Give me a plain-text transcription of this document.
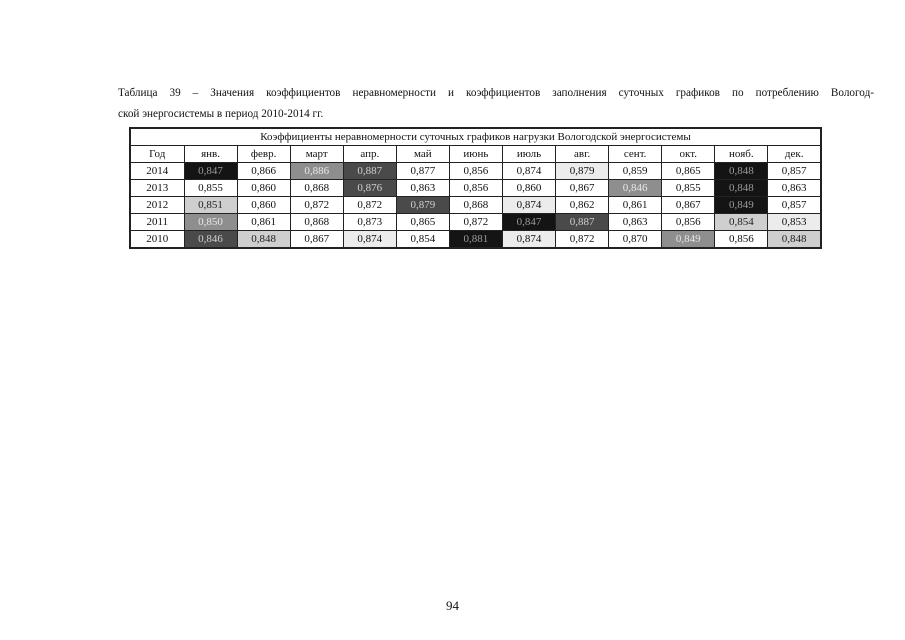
Таблица 39 – Значения коэффициентов неравномерности и коэффициентов заполнения суточных графиков по потреблению Вологод-
ской энергосистемы в период 2010-2014 гг.
Коэффициенты неравномерности суточных графиков нагрузки Вологодской энергосистемы												
Год	янв.	февр.	март	апр.	май	июнь	июль	авг.	сент.	окт.	нояб.	дек.
2014	0,847	0,866	0,886	0,887	0,877	0,856	0,874	0,879	0,859	0,865	0,848	0,857
2013	0,855	0,860	0,868	0,876	0,863	0,856	0,860	0,867	0,846	0,855	0,848	0,863
2012	0,851	0,860	0,872	0,872	0,879	0,868	0,874	0,862	0,861	0,867	0,849	0,857
2011	0,850	0,861	0,868	0,873	0,865	0,872	0,847	0,887	0,863	0,856	0,854	0,853
2010	0,846	0,848	0,867	0,874	0,854	0,881	0,874	0,872	0,870	0,849	0,856	0,848
94
